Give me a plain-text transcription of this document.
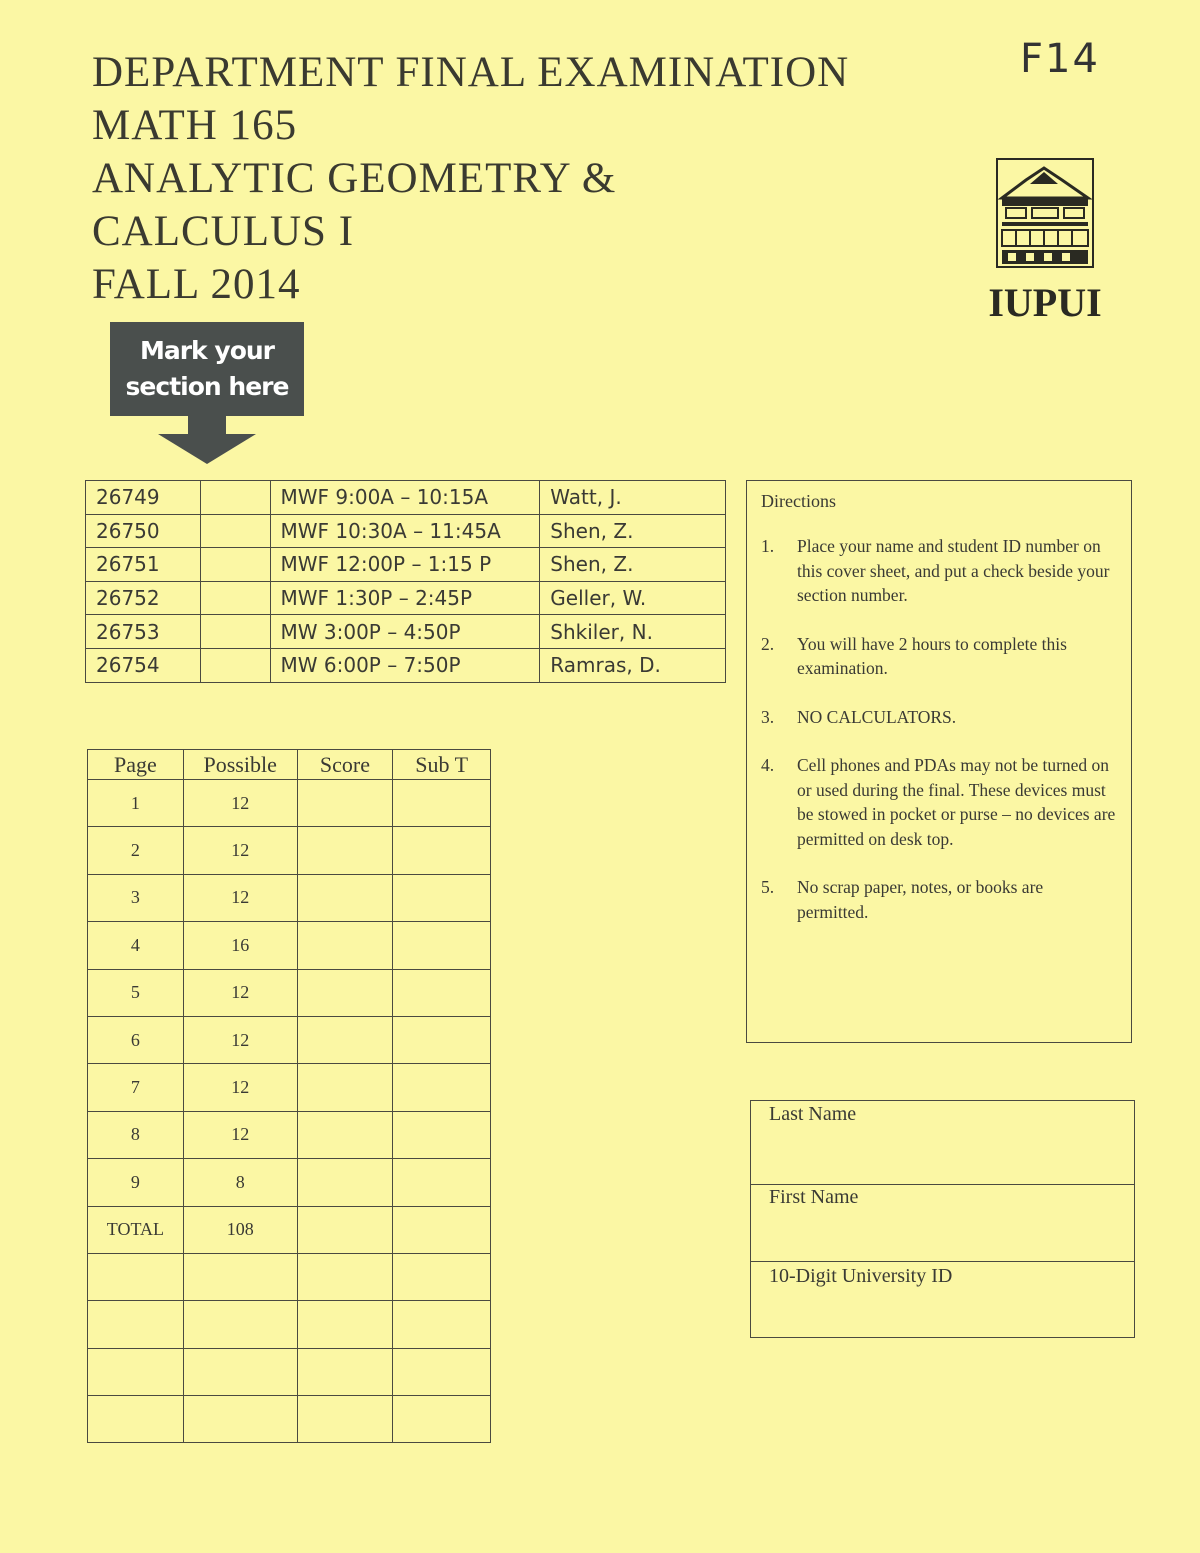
DEPARTMENT FINAL EXAMINATION
MATH 165
ANALYTIC GEOMETRY &
CALCULUS I
FALL 2014
F14
IUPUI
Mark your
section here
26749		MWF 9:00A – 10:15A	Watt, J.
26750		MWF 10:30A – 11:45A	Shen, Z.
26751		MWF 12:00P – 1:15 P	Shen, Z.
26752		MWF 1:30P – 2:45P	Geller, W.
26753		MW 3:00P – 4:50P	Shkiler, N.
26754		MW 6:00P – 7:50P	Ramras, D.
Page	Possible	Score	Sub T
1	12		
2	12		
3	12		
4	16		
5	12		
6	12		
7	12		
8	12		
9	8		
TOTAL	108		

Directions
1.	Place your name and student ID number on this cover sheet, and put a check beside your section number.
2.	You will have 2 hours to complete this examination.
3.	NO CALCULATORS.
4.	Cell phones and PDAs may not be turned on or used during the final. These devices must be stowed in pocket or purse – no devices are permitted on desk top.
5.	No scrap paper, notes, or books are permitted.
Last Name
First Name
10-Digit University ID
